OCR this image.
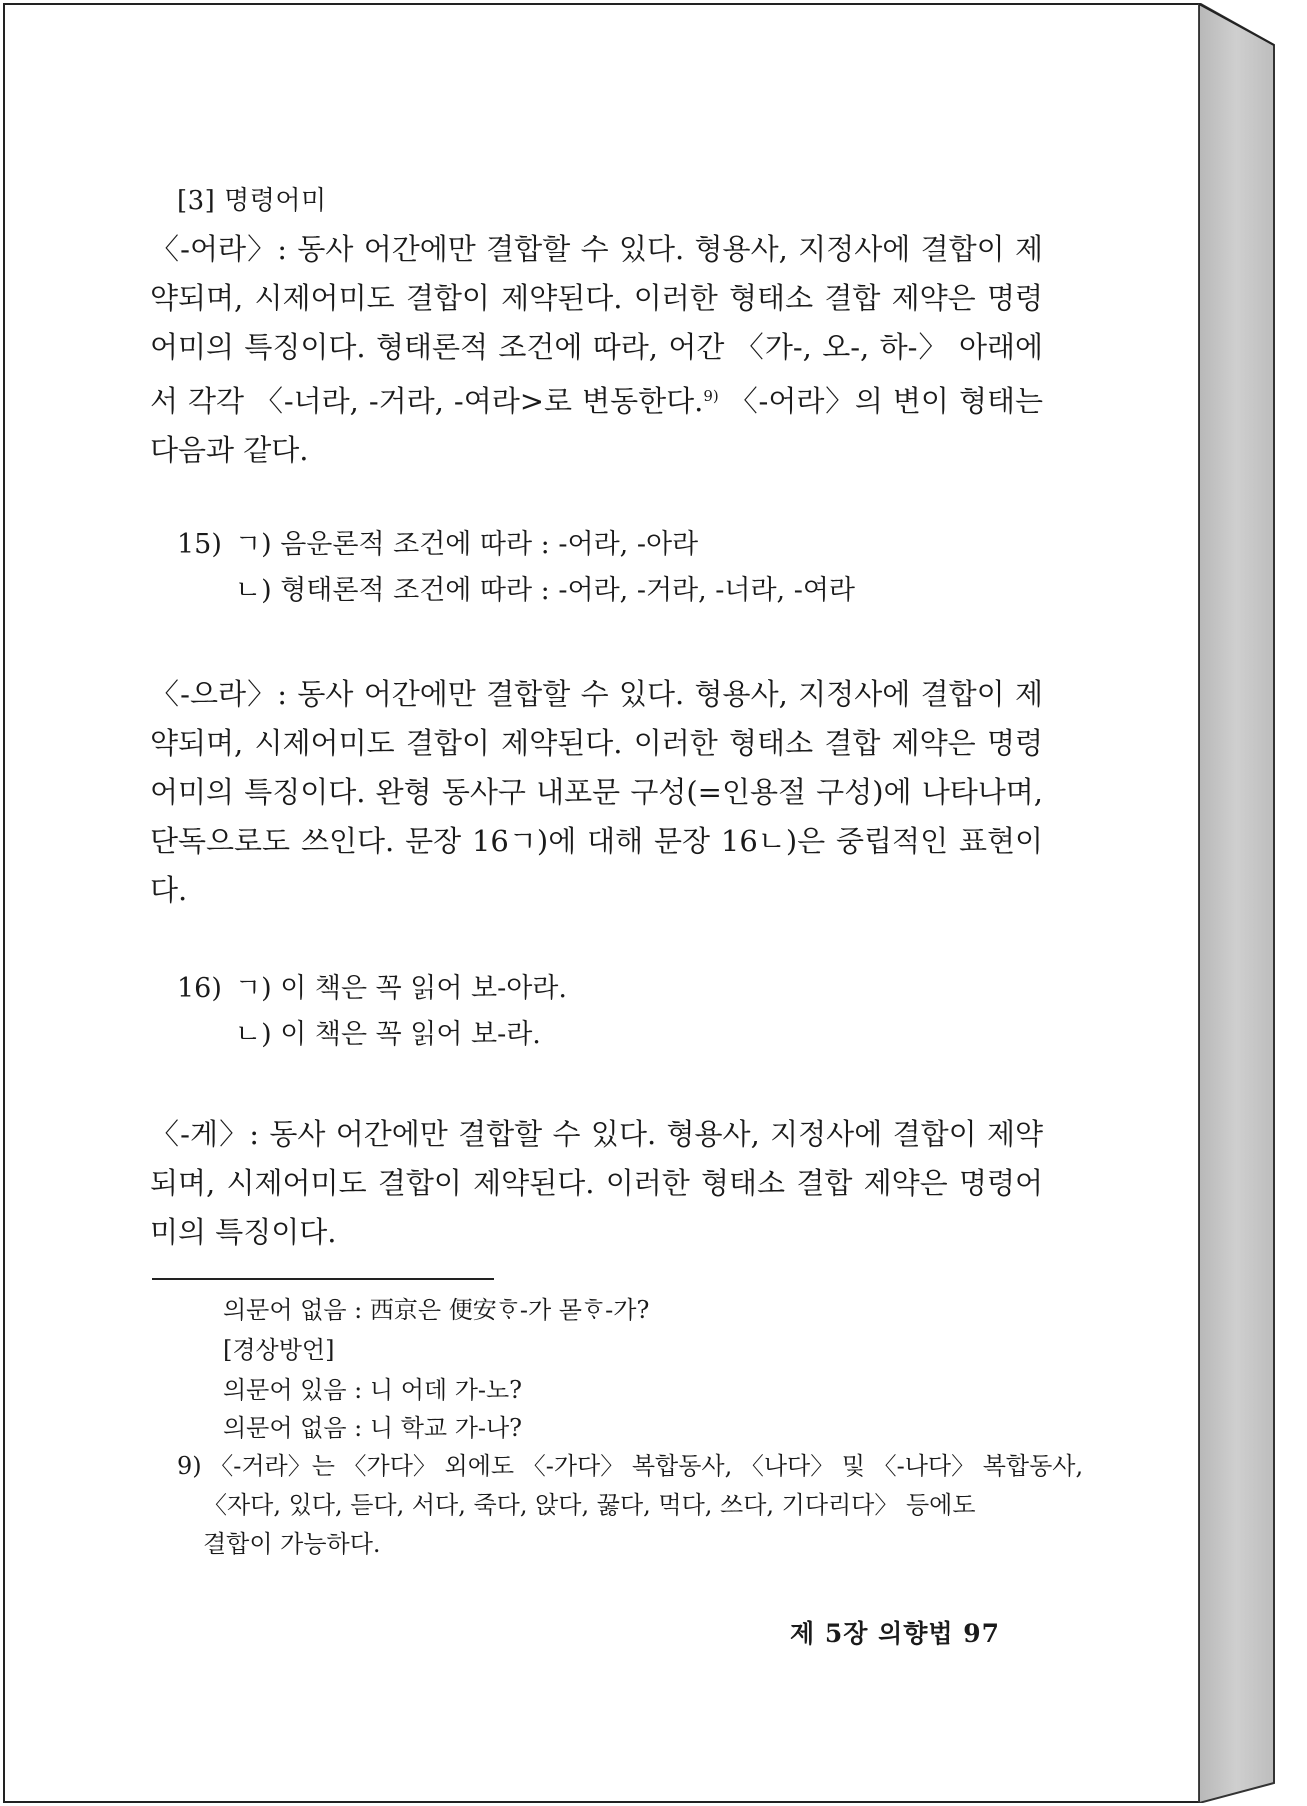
[3] 명령어미
〈-어라〉: 동사 어간에만 결합할 수 있다. 형용사, 지정사에 결합이 제약되며, 시제어미도 결합이 제약된다. 이러한 형태소 결합 제약은 명령어미의 특징이다. 형태론적 조건에 따라, 어간 〈가-, 오-, 하-〉 아래에서 각각 〈-너라, -거라, -여라>로 변동한다.$^{9)}$ 〈-어라〉의 변이 형태는 다음과 같다.
15) ㄱ) 음운론적 조건에 따라 : -어라, -아라
ㄴ) 형태론적 조건에 따라 : -어라, -거라, -너라, -여라
〈-으라〉: 동사 어간에만 결합할 수 있다. 형용사, 지정사에 결합이 제약되며, 시제어미도 결합이 제약된다. 이러한 형태소 결합 제약은 명령어미의 특징이다. 완형 동사구 내포문 구성(=인용절 구성)에 나타나며, 단독으로도 쓰인다. 문장 16ㄱ)에 대해 문장 16ㄴ)은 중립적인 표현이다.
16) ㄱ) 이 책은 꼭 읽어 보-아라.
ㄴ) 이 책은 꼭 읽어 보-라.
〈-게〉: 동사 어간에만 결합할 수 있다. 형용사, 지정사에 결합이 제약되며, 시제어미도 결합이 제약된다. 이러한 형태소 결합 제약은 명령어미의 특징이다.
의문어 없음 : 西京은 便安ᄒᆞ-가 몯ᄒᆞ-가?
[경상방언]
의문어 있음 : 니 어데 가-노?
의문어 없음 : 니 학교 가-나?
9) 〈-거라〉는 〈가다〉 외에도 〈-가다〉 복합동사, 〈나다〉 및 〈-나다〉 복합동사,
〈자다, 있다, 듣다, 서다, 죽다, 앉다, 꿇다, 먹다, 쓰다, 기다리다〉 등에도
결합이 가능하다.
제 5장 의향법 97
